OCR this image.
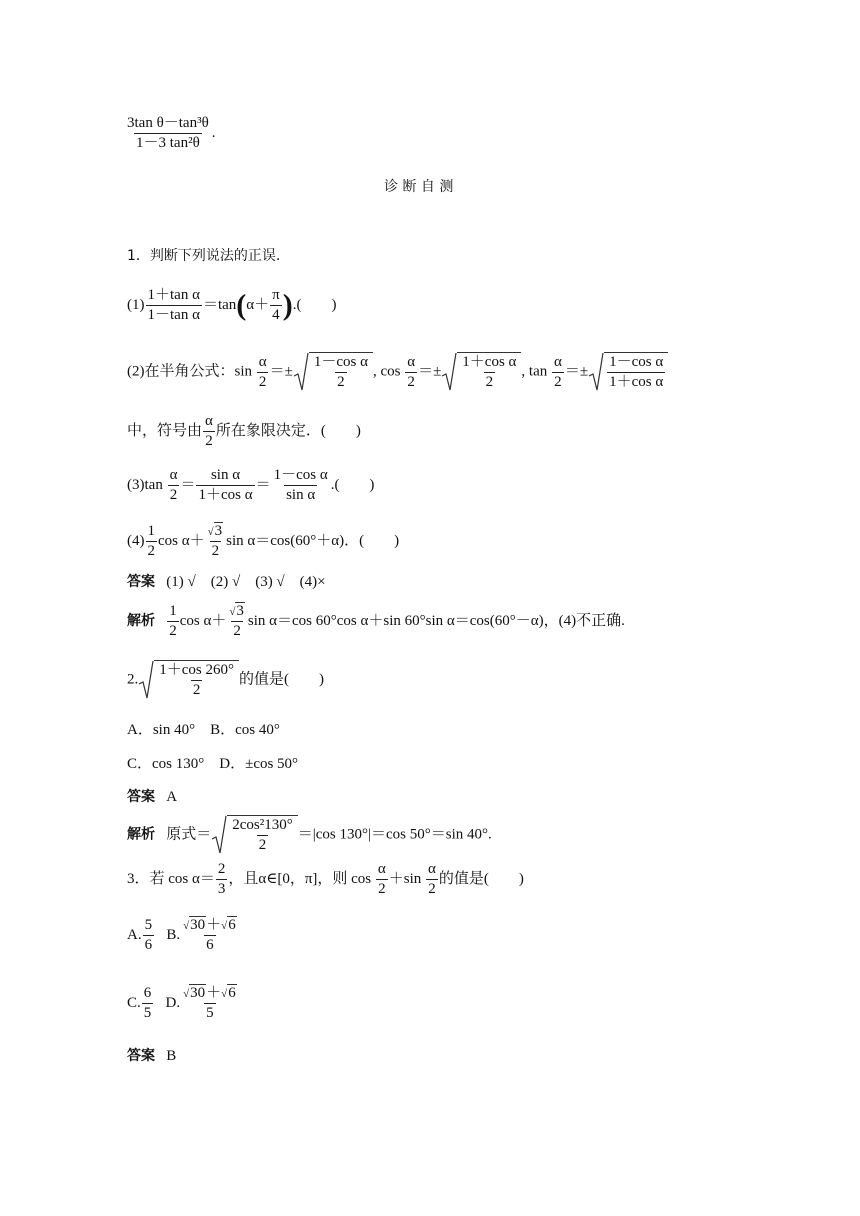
$\frac{\text{3tan θ－tan³θ}}{\text{1－3 tan²θ}}$ .
诊 断 自 测
1．判断下列说法的正误.
$(1) \frac{\text{1＋tan α}}{\text{1－tan α}} =\tan(\alpha+ \frac{\pi}{4}$ ).(　　)
(2)在半角公式：$\sin \frac{\alpha}{2} =\pm \frac{\text{1－cos α}}{2}$ , $\cos \frac{\alpha}{2} =\pm \frac{\text{1＋cos α}}{2}$ , $\tan \frac{\alpha}{2} =\pm \frac{\text{1－cos α}}{\text{1＋cos α}}$
中，符号由 $\frac{\alpha}{2}$ 所在象限决定．(　　)
$(3)\tan \frac{\alpha}{2} = \frac{\text{sin α}}{\text{1＋cos α}} = \frac{\text{1－cos α}}{\text{sin α}}$ .(　　)
$(4) \frac{1}{2}$ $\cos \alpha+ \frac{√3}{2}$ sin α＝cos(60°＋α)．(　　)
答案 (1) √　(2) √　(3) √　(4)×
解析 $\frac{1}{2}$ $\cos \alpha+ \frac{√3}{2}$ sin α＝cos 60°cos α＋sin 60°sin α＝cos(60°－α)，(4)不正确.
2. $\frac{1+\cos 260^\circ}{2}$ 的值是(　　)
A．sin 40°　B．cos 40°
C．cos 130°　D．±cos 50°
答案 A
解析 原式＝ $\frac{\text{2cos²130°}}{2} =|\cos$ 130°|＝cos 50°＝sin 40°.
3．若 $\cos \alpha= \frac{2}{3}$ ，且α∈[0，π]，则 $\cos \frac{\alpha}{2} +\sin \frac{\alpha}{2}$ 的值是(　　)
A. $\frac{5}{6} B$. $\frac{√30+√6}{6}$
C. $\frac{6}{5} D$. $\frac{√30+√6}{5}$
答案 B
